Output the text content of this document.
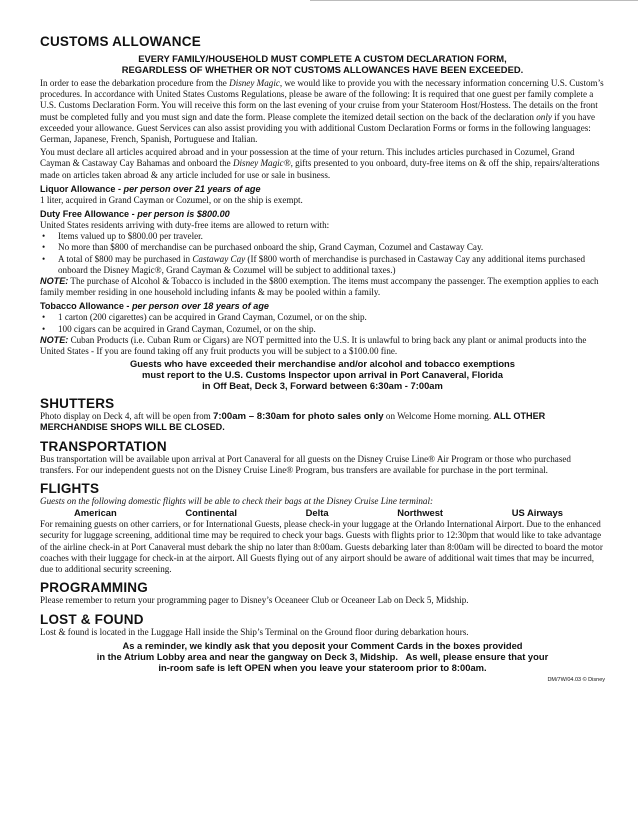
CUSTOMS ALLOWANCE

EVERY FAMILY/HOUSEHOLD MUST COMPLETE A CUSTOM DECLARATION FORM,

REGARDLESS OF WHETHER OR NOT CUSTOMS ALLOWANCES HAVE BEEN EXCEEDED.

In order to ease the debarkation procedure from the Disney Magic, we would like to provide you with the necessary information concerning U.S. Custom’s procedures. In accordance with United States Customs Regulations, please be aware of the following: It is required that one guest per family complete a U.S. Customs Declaration Form. You will receive this form on the last evening of your cruise from your Stateroom Host/Hostess. The details on the front must be completed fully and you must sign and date the form. Please complete the itemized detail section on the back of the declaration only if you have exceeded your allowance. Guest Services can also assist providing you with additional Custom Declaration Forms or forms in the following languages: German, Japanese, French, Spanish, Portuguese and Italian.

You must declare all articles acquired abroad and in your possession at the time of your return. This includes articles purchased in Cozumel, Grand Cayman & Castaway Cay Bahamas and onboard the Disney Magic®, gifts presented to you onboard, duty-free items on & off the ship, repairs/alterations made on articles taken abroad & any article included for use or sale in business.

Liquor Allowance - per person over 21 years of age

1 liter, acquired in Grand Cayman or Cozumel, or on the ship is exempt.

Duty Free Allowance - per person is $800.00

United States residents arriving with duty-free items are allowed to return with:

• Items valued up to $800.00 per traveler.
• No more than $800 of merchandise can be purchased onboard the ship, Grand Cayman, Cozumel and Castaway Cay.
• A total of $800 may be purchased in Castaway Cay (If $800 worth of merchandise is purchased in Castaway Cay any additional items purchased onboard the Disney Magic®, Grand Cayman & Cozumel will be subject to additional taxes.)

NOTE: The purchase of Alcohol & Tobacco is included in the $800 exemption. The items must accompany the passenger. The exemption applies to each family member residing in one household including infants & may be pooled within a family.

Tobacco Allowance - per person over 18 years of age
• 1 carton (200 cigarettes) can be acquired in Grand Cayman, Cozumel, or on the ship.
• 100 cigars can be acquired in Grand Cayman, Cozumel, or on the ship.

NOTE: Cuban Products (i.e. Cuban Rum or Cigars) are NOT permitted into the U.S. It is unlawful to bring back any plant or animal products into the United States - If you are found taking off any fruit products you will be subject to a $100.00 fine.

Guests who have exceeded their merchandise and/or alcohol and tobacco exemptions

must report to the U.S. Customs Inspector upon arrival in Port Canaveral, Florida

in Off Beat, Deck 3, Forward between 6:30am - 7:00am

SHUTTERS

Photo display on Deck 4, aft will be open from 7:00am – 8:30am for photo sales only on Welcome Home morning. ALL OTHER MERCHANDISE SHOPS WILL BE CLOSED.

TRANSPORTATION

Bus transportation will be available upon arrival at Port Canaveral for all guests on the Disney Cruise Line® Air Program or those who purchased transfers. For our independent guests not on the Disney Cruise Line® Program, bus transfers are available for purchase in the port terminal.

FLIGHTS

Guests on the following domestic flights will be able to check their bags at the Disney Cruise Line terminal:

American	Continental	Delta	Northwest	US Airways

For remaining guests on other carriers, or for International Guests, please check-in your luggage at the Orlando International Airport. Due to the enhanced security for luggage screening, additional time may be required to check your bags. Guests with flights prior to 12:30pm that would like to take advantage of the airline check-in at Port Canaveral must debark the ship no later than 8:00am. Guests debarking later than 8:00am will be directed to board the motor coaches with their luggage for check-in at the airport. All Guests flying out of any airport should be aware of additional wait times that may be incurred, due to additional security screening.

PROGRAMMING

Please remember to return your programming pager to Disney’s Oceaneer Club or Oceaneer Lab on Deck 5, Midship.

LOST & FOUND

Lost & found is located in the Luggage Hall inside the Ship’s Terminal on the Ground floor during debarkation hours.

As a reminder, we kindly ask that you deposit your Comment Cards in the boxes provided

in the Atrium Lobby area and near the gangway on Deck 3, Midship.   As well, please ensure that your

in-room safe is left OPEN when you leave your stateroom prior to 8:00am.

DM/7W/04.03 © Disney
